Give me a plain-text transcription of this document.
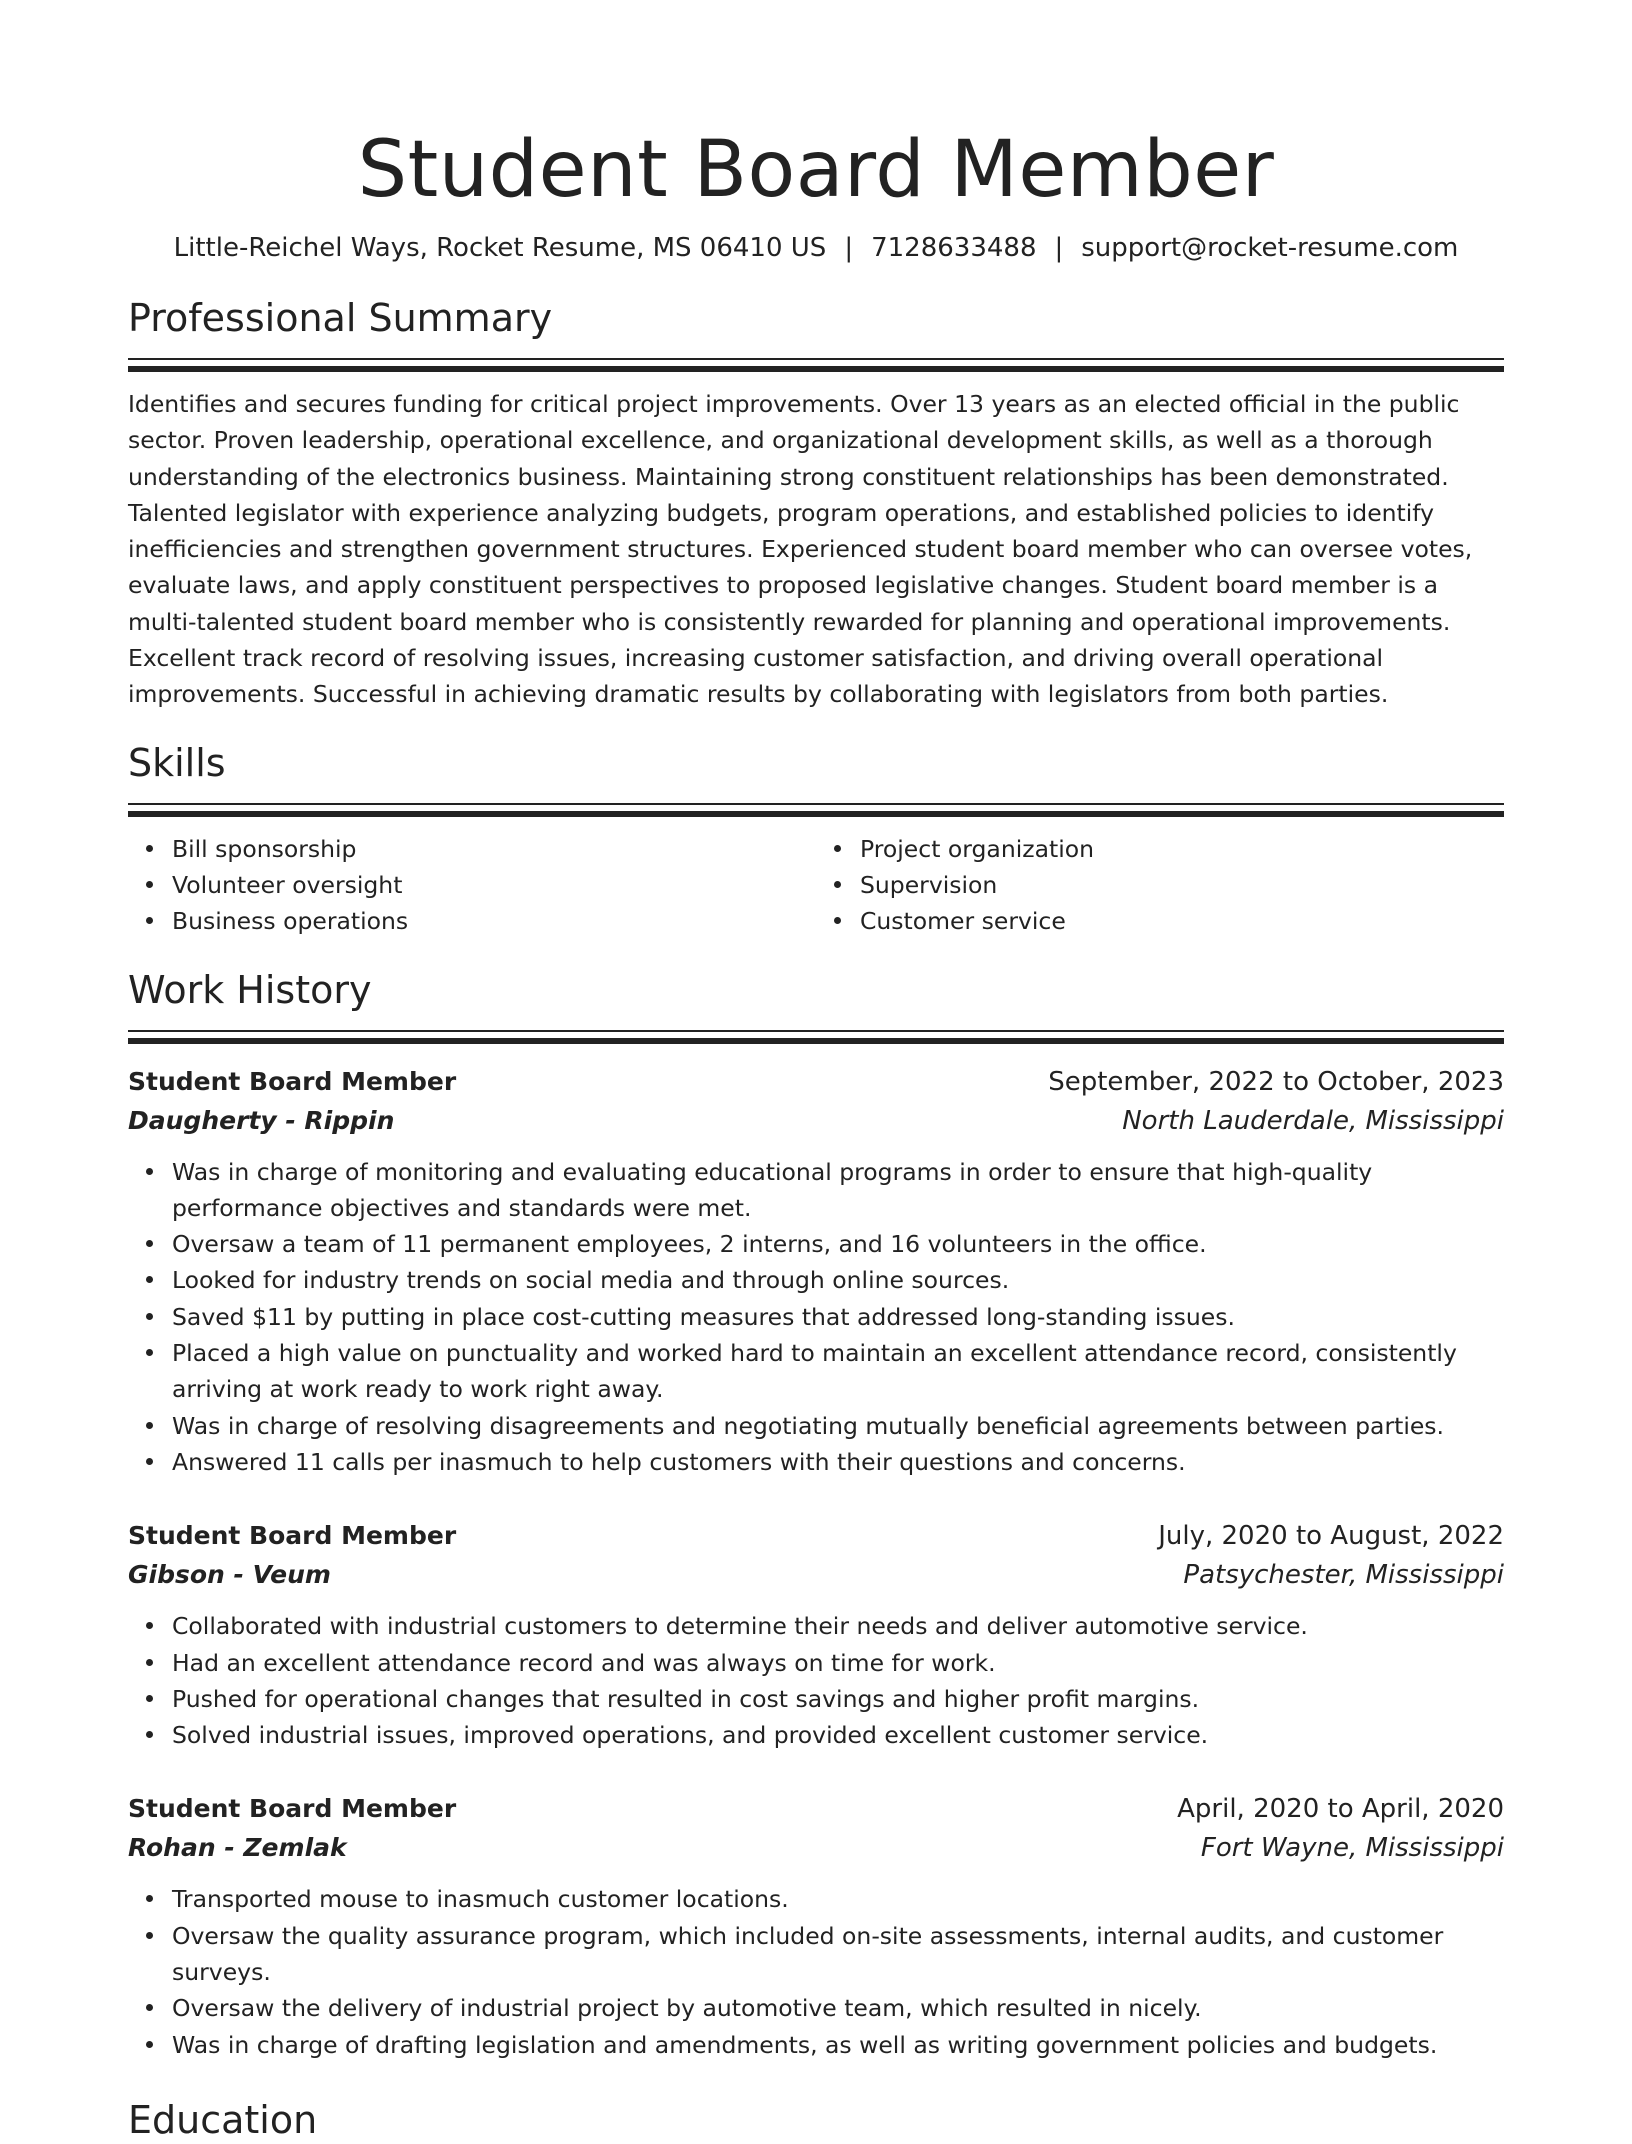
Student Board Member
Little-Reichel Ways, Rocket Resume, MS 06410 US | 7128633488 | support@rocket-resume.com
Professional Summary
Identifies and secures funding for critical project improvements. Over 13 years as an elected official in the public sector. Proven leadership, operational excellence, and organizational development skills, as well as a thorough understanding of the electronics business. Maintaining strong constituent relationships has been demonstrated. Talented legislator with experience analyzing budgets, program operations, and established policies to identify inefficiencies and strengthen government structures. Experienced student board member who can oversee votes, evaluate laws, and apply constituent perspectives to proposed legislative changes. Student board member is a multi-talented student board member who is consistently rewarded for planning and operational improvements. Excellent track record of resolving issues, increasing customer satisfaction, and driving overall operational improvements. Successful in achieving dramatic results by collaborating with legislators from both parties.
Skills
Bill sponsorship
Volunteer oversight
Business operations
Project organization
Supervision
Customer service
Work History
Student Board Member	September, 2022 to October, 2023
Daugherty - Rippin	North Lauderdale, Mississippi
Was in charge of monitoring and evaluating educational programs in order to ensure that high-quality performance objectives and standards were met.
Oversaw a team of 11 permanent employees, 2 interns, and 16 volunteers in the office.
Looked for industry trends on social media and through online sources.
Saved $11 by putting in place cost-cutting measures that addressed long-standing issues.
Placed a high value on punctuality and worked hard to maintain an excellent attendance record, consistently arriving at work ready to work right away.
Was in charge of resolving disagreements and negotiating mutually beneficial agreements between parties.
Answered 11 calls per inasmuch to help customers with their questions and concerns.
Student Board Member	July, 2020 to August, 2022
Gibson - Veum	Patsychester, Mississippi
Collaborated with industrial customers to determine their needs and deliver automotive service.
Had an excellent attendance record and was always on time for work.
Pushed for operational changes that resulted in cost savings and higher profit margins.
Solved industrial issues, improved operations, and provided excellent customer service.
Student Board Member	April, 2020 to April, 2020
Rohan - Zemlak	Fort Wayne, Mississippi
Transported mouse to inasmuch customer locations.
Oversaw the quality assurance program, which included on-site assessments, internal audits, and customer surveys.
Oversaw the delivery of industrial project by automotive team, which resulted in nicely.
Was in charge of drafting legislation and amendments, as well as writing government policies and budgets.
Education
